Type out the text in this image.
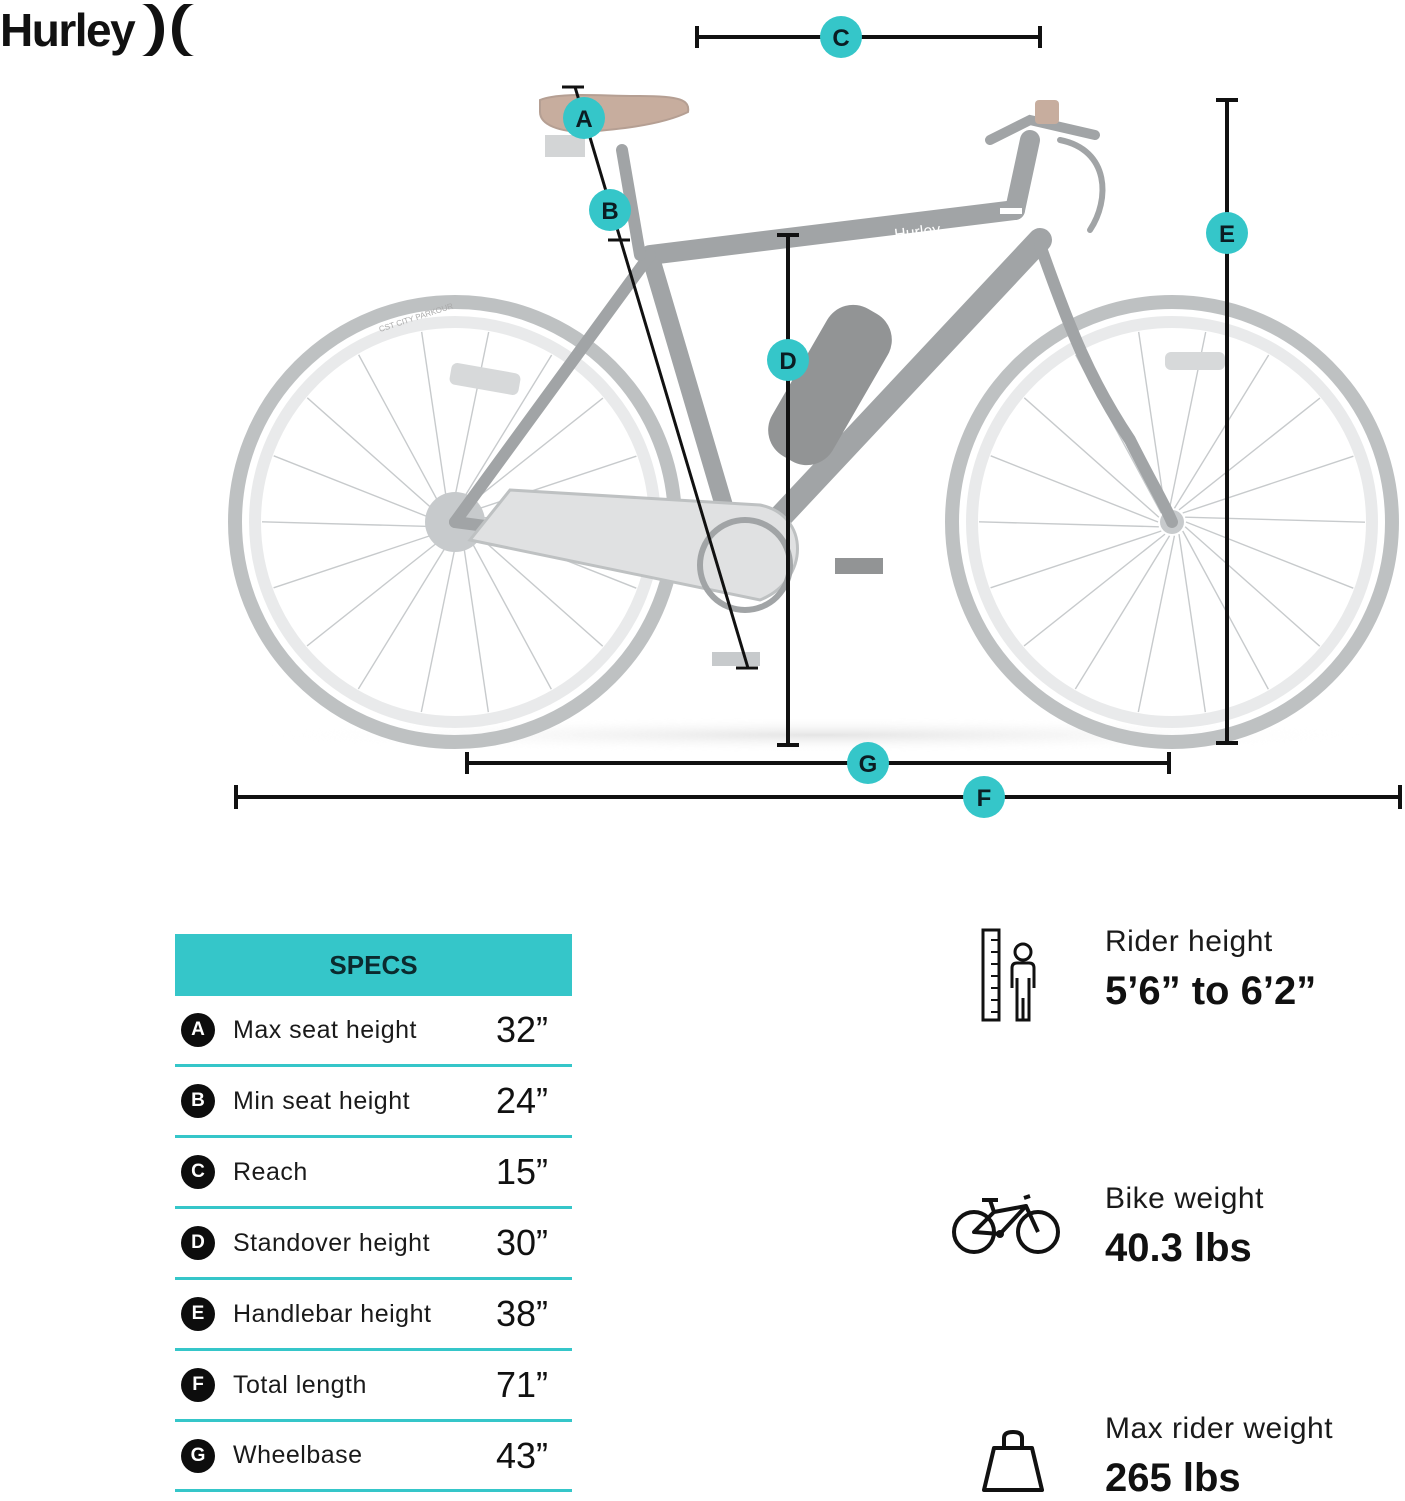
Hurley
CST CITY PARKOUR
Hurley
A
B
C
D
E
F
G
SPECS
A	Max seat height 32”
B	Min seat height 24”
C	Reach	15”
D	Standover height 30”
E	Handlebar height 38”
F	Total length	71”
G	Wheelbase	43”
Rider height
5’6” to 6’2”
Bike weight
40.3 lbs
Max rider weight
265 lbs
